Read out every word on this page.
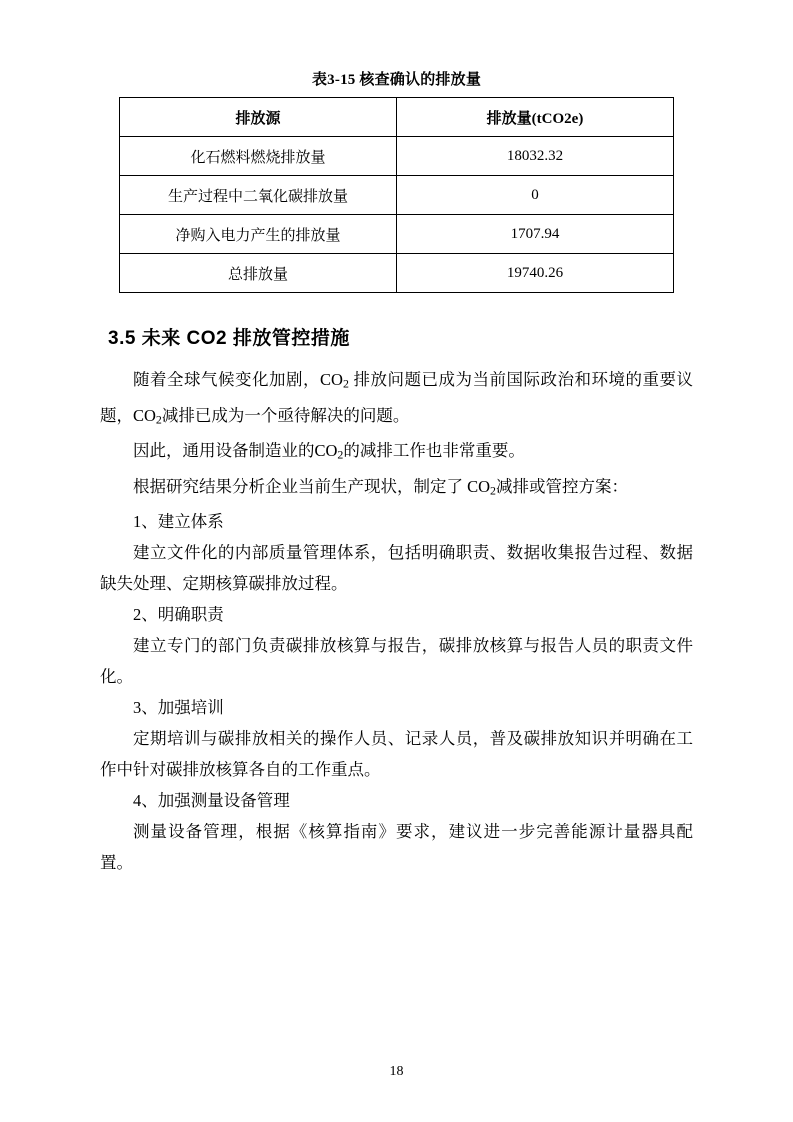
表3-15 核查确认的排放量
排放源	排放量(tCO2e)
化石燃料燃烧排放量	18032.32
生产过程中二氧化碳排放量	0
净购入电力产生的排放量	1707.94
总排放量	19740.26
3.5 未来 CO2 排放管控措施

随着全球气候变化加剧，$CO_2$ 排放问题已成为当前国际政治和环境的重要议题，$CO_2$减排已成为一个亟待解决的问题。

因此，通用设备制造业的$CO_2$的减排工作也非常重要。

根据研究结果分析企业当前生产现状，制定了 $CO_2$减排或管控方案：

1、建立体系

建立文件化的内部质量管理体系，包括明确职责、数据收集报告过程、数据缺失处理、定期核算碳排放过程。

2、明确职责

建立专门的部门负责碳排放核算与报告，碳排放核算与报告人员的职责文件化。

3、加强培训

定期培训与碳排放相关的操作人员、记录人员，普及碳排放知识并明确在工作中针对碳排放核算各自的工作重点。

4、加强测量设备管理

测量设备管理，根据《核算指南》要求，建议进一步完善能源计量器具配置。

18
